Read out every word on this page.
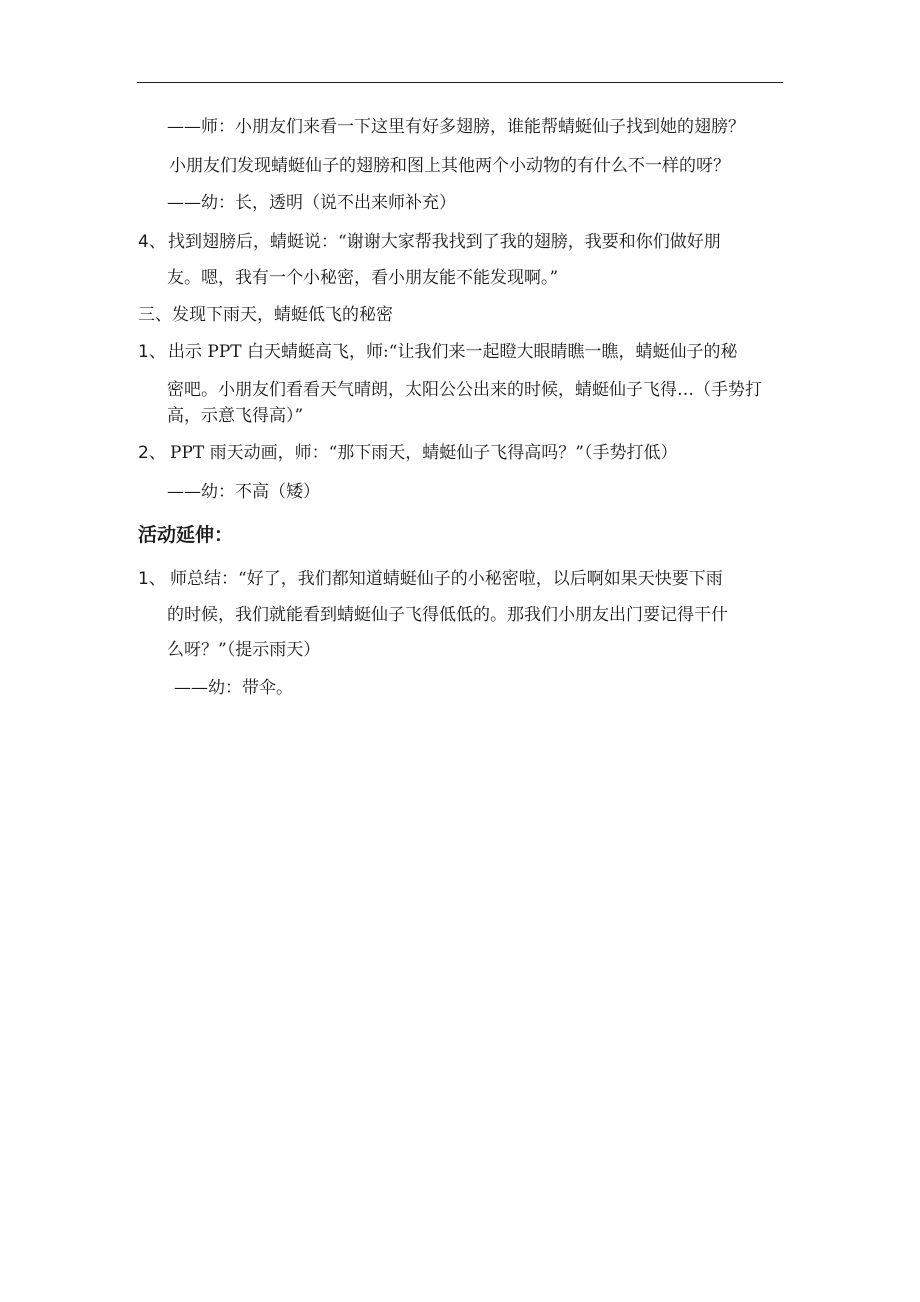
——师：小朋友们来看一下这里有好多翅膀，谁能帮蜻蜓仙子找到她的翅膀？
小朋友们发现蜻蜓仙子的翅膀和图上其他两个小动物的有什么不一样的呀？
——幼：长，透明（说不出来师补充）
4、 找到翅膀后，蜻蜓说：“谢谢大家帮我找到了我的翅膀，我要和你们做好朋
友。嗯，我有一个小秘密，看小朋友能不能发现啊。”
三、发现下雨天，蜻蜓低飞的秘密
1、 出示 PPT 白天蜻蜓高飞，师:“让我们来一起瞪大眼睛瞧一瞧，蜻蜓仙子的秘
密吧。小朋友们看看天气晴朗，太阳公公出来的时候，蜻蜓仙子飞得…（手势打
高，示意飞得高）”
2、 PPT 雨天动画，师：“那下雨天，蜻蜓仙子飞得高吗？”（手势打低）
——幼：不高（矮）
活动延伸：
1、 师总结：“好了，我们都知道蜻蜓仙子的小秘密啦，以后啊如果天快要下雨
的时候，我们就能看到蜻蜓仙子飞得低低的。那我们小朋友出门要记得干什
么呀？”（提示雨天）
——幼：带伞。
